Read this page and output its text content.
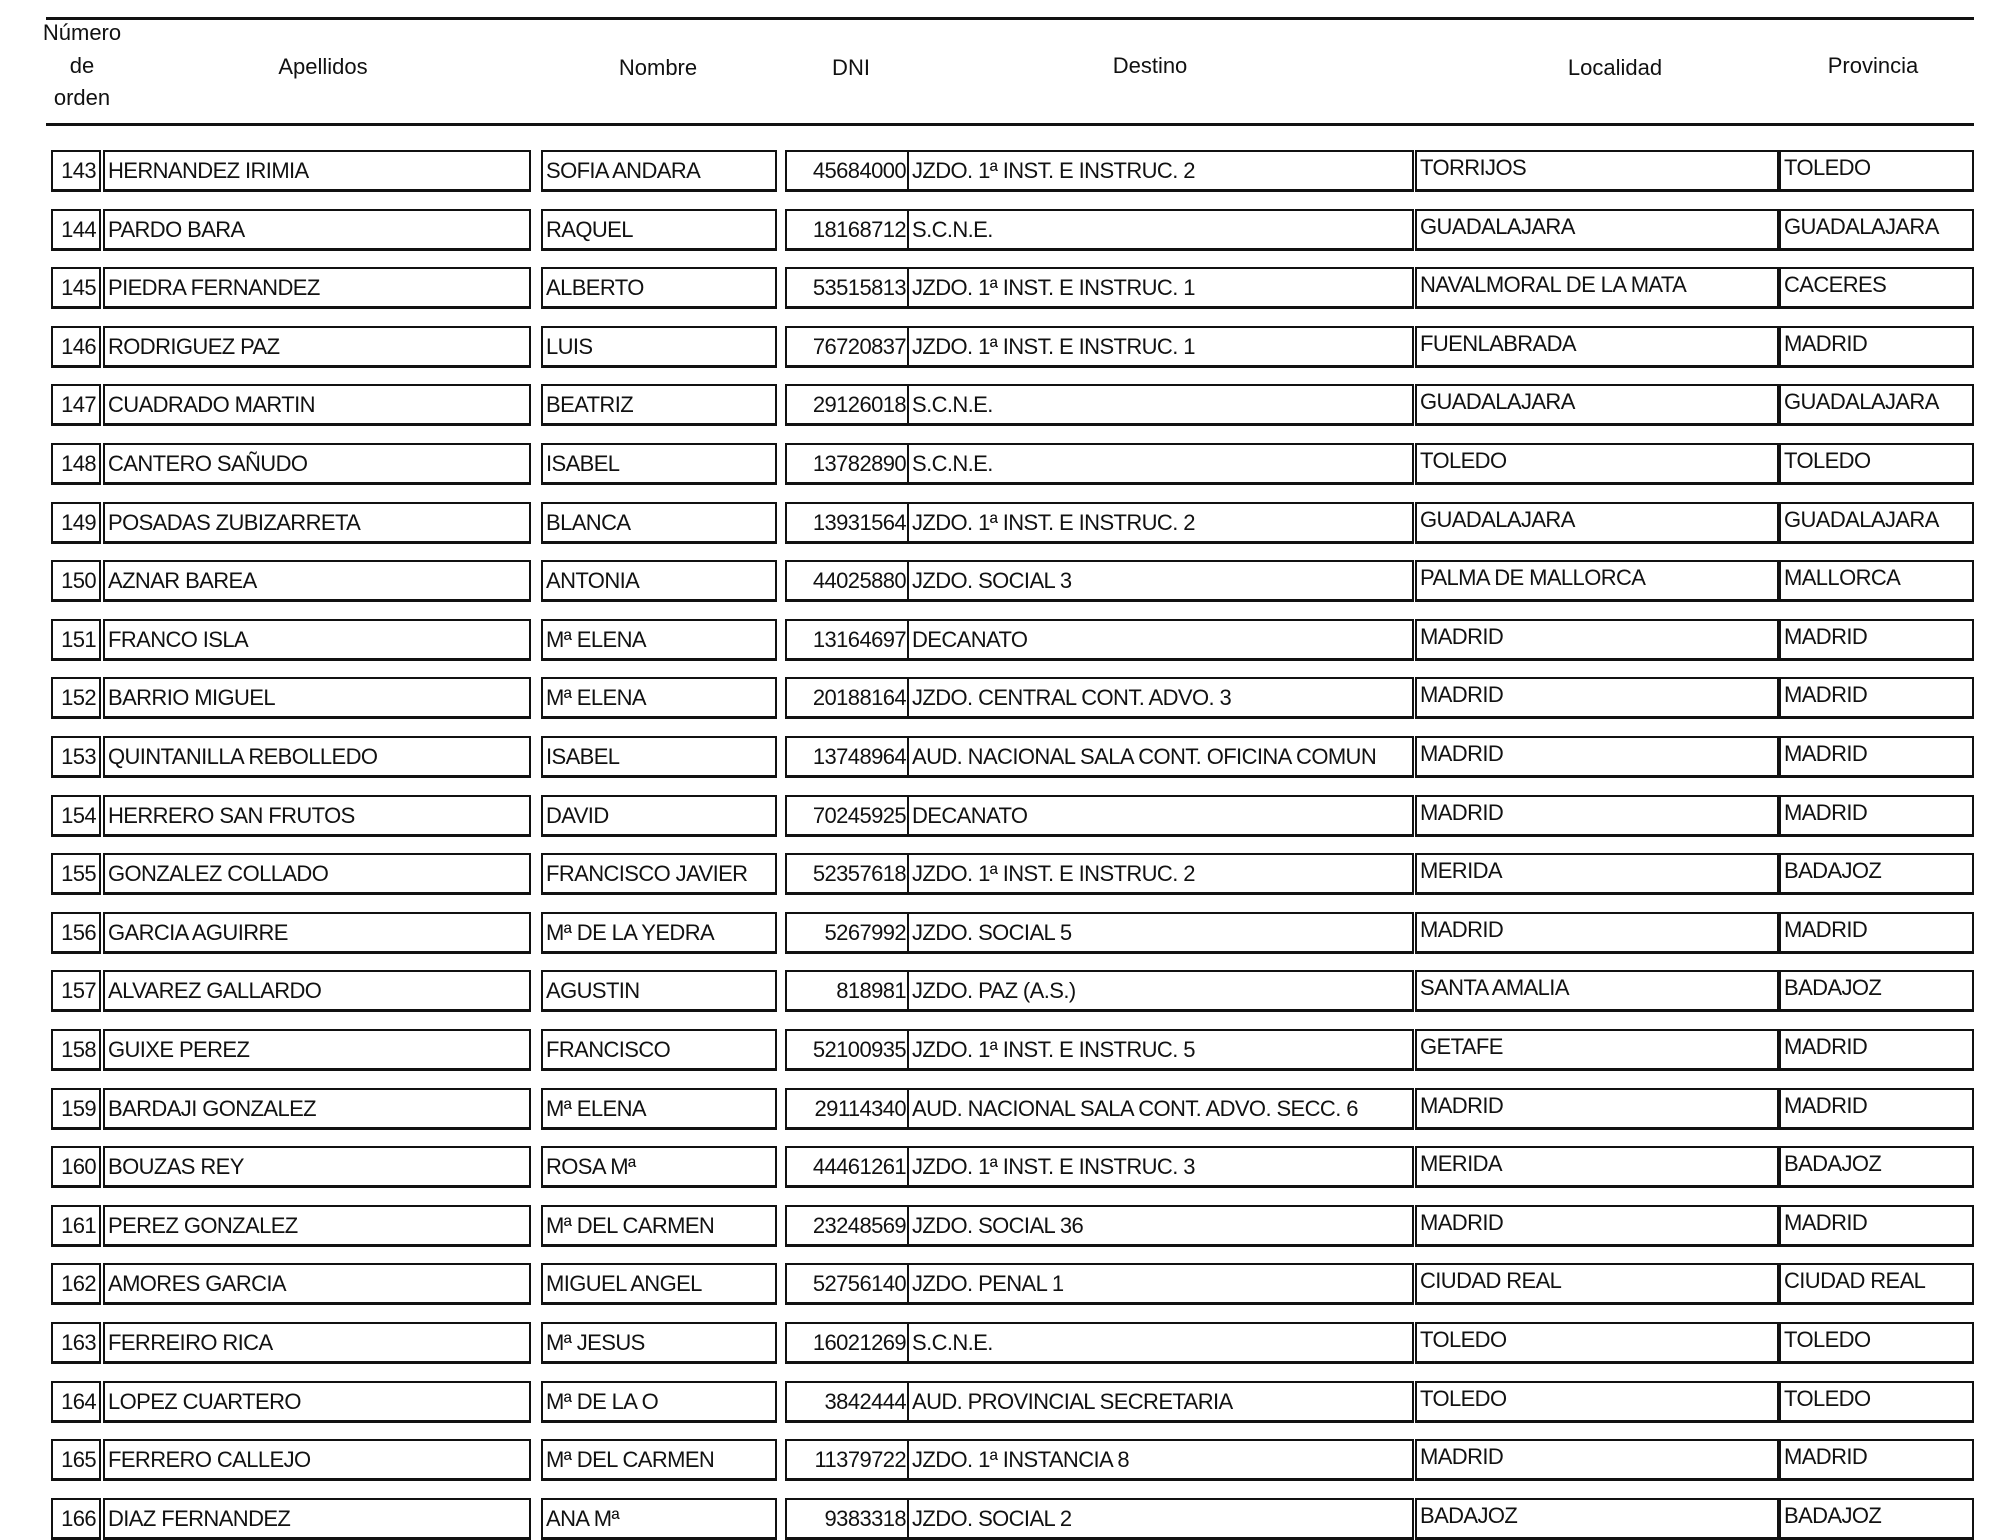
Número
de
orden
Apellidos	Nombre	DNI	Destino	Localidad	Provincia
143 HERNANDEZ IRIMIA	SOFIA ANDARA	45684000 JZDO. 1ª INST. E INSTRUC. 2	TORRIJOS	TOLEDO
144 PARDO BARA	RAQUEL	18168712 S.C.N.E.	GUADALAJARA	GUADALAJARA
145 PIEDRA FERNANDEZ	ALBERTO	53515813 JZDO. 1ª INST. E INSTRUC. 1	NAVALMORAL DE LA MATA	CACERES
146 RODRIGUEZ PAZ	LUIS	76720837 JZDO. 1ª INST. E INSTRUC. 1	FUENLABRADA	MADRID
147 CUADRADO MARTIN	BEATRIZ	29126018 S.C.N.E.	GUADALAJARA	GUADALAJARA
148 CANTERO SAÑUDO	ISABEL	13782890 S.C.N.E.	TOLEDO	TOLEDO
149 POSADAS ZUBIZARRETA	BLANCA	13931564 JZDO. 1ª INST. E INSTRUC. 2	GUADALAJARA	GUADALAJARA
150 AZNAR BAREA	ANTONIA	44025880 JZDO. SOCIAL 3	PALMA DE MALLORCA	MALLORCA
151 FRANCO ISLA	Mª ELENA	13164697 DECANATO	MADRID	MADRID
152 BARRIO MIGUEL	Mª ELENA	20188164 JZDO. CENTRAL CONT. ADVO. 3	MADRID	MADRID
153 QUINTANILLA REBOLLEDO	ISABEL	13748964 AUD. NACIONAL SALA CONT. OFICINA COMUN	MADRID	MADRID
154 HERRERO SAN FRUTOS	DAVID	70245925 DECANATO	MADRID	MADRID
155 GONZALEZ COLLADO	FRANCISCO JAVIER	52357618 JZDO. 1ª INST. E INSTRUC. 2	MERIDA	BADAJOZ
156 GARCIA AGUIRRE	Mª DE LA YEDRA	5267992 JZDO. SOCIAL 5	MADRID	MADRID
157 ALVAREZ GALLARDO	AGUSTIN	818981 JZDO. PAZ (A.S.)	SANTA AMALIA	BADAJOZ
158 GUIXE PEREZ	FRANCISCO	52100935 JZDO. 1ª INST. E INSTRUC. 5	GETAFE	MADRID
159 BARDAJI GONZALEZ	Mª ELENA	29114340 AUD. NACIONAL SALA CONT. ADVO. SECC. 6	MADRID	MADRID
160 BOUZAS REY	ROSA Mª	44461261 JZDO. 1ª INST. E INSTRUC. 3	MERIDA	BADAJOZ
161 PEREZ GONZALEZ	Mª DEL CARMEN	23248569 JZDO. SOCIAL 36	MADRID	MADRID
162 AMORES GARCIA	MIGUEL ANGEL	52756140 JZDO. PENAL 1	CIUDAD REAL	CIUDAD REAL
163 FERREIRO RICA	Mª JESUS	16021269 S.C.N.E.	TOLEDO	TOLEDO
164 LOPEZ CUARTERO	Mª DE LA O	3842444 AUD. PROVINCIAL SECRETARIA	TOLEDO	TOLEDO
165 FERRERO CALLEJO	Mª DEL CARMEN	11379722 JZDO. 1ª INSTANCIA 8	MADRID	MADRID
166 DIAZ FERNANDEZ	ANA Mª	9383318 JZDO. SOCIAL 2	BADAJOZ	BADAJOZ
